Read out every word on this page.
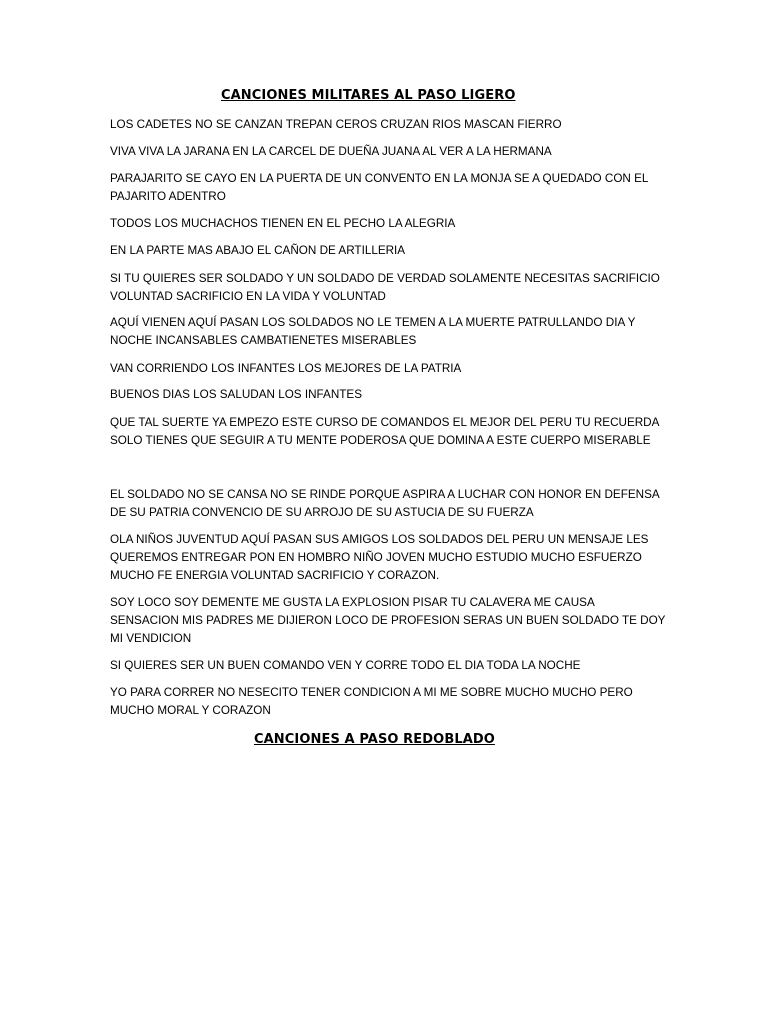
CANCIONES MILITARES AL PASO LIGERO

LOS CADETES NO SE CANZAN TREPAN CEROS CRUZAN RIOS MASCAN FIERRO

VIVA VIVA LA JARANA EN LA CARCEL DE DUEÑA JUANA AL VER A LA HERMANA

PARAJARITO SE CAYO EN LA PUERTA DE UN CONVENTO EN LA MONJA SE A QUEDADO CON EL
PAJARITO ADENTRO

TODOS LOS MUCHACHOS TIENEN EN EL PECHO LA ALEGRIA

EN LA PARTE MAS ABAJO EL CAÑON DE ARTILLERIA

SI TU QUIERES SER SOLDADO Y UN SOLDADO DE VERDAD SOLAMENTE NECESITAS SACRIFICIO
VOLUNTAD SACRIFICIO EN LA VIDA Y VOLUNTAD

AQUÍ VIENEN AQUÍ PASAN LOS SOLDADOS NO LE TEMEN A LA MUERTE PATRULLANDO DIA Y
NOCHE INCANSABLES CAMBATIENETES MISERABLES

VAN CORRIENDO LOS INFANTES LOS MEJORES DE LA PATRIA

BUENOS DIAS LOS SALUDAN LOS INFANTES

QUE TAL SUERTE YA EMPEZO ESTE CURSO DE COMANDOS EL MEJOR DEL PERU TU RECUERDA
SOLO TIENES QUE SEGUIR A TU MENTE PODEROSA QUE DOMINA A ESTE CUERPO MISERABLE

EL SOLDADO NO SE CANSA NO SE RINDE PORQUE ASPIRA A LUCHAR CON HONOR EN DEFENSA
DE SU PATRIA CONVENCIO DE SU ARROJO DE SU ASTUCIA DE SU FUERZA

OLA NIÑOS JUVENTUD AQUÍ PASAN SUS AMIGOS LOS SOLDADOS DEL PERU UN MENSAJE LES
QUEREMOS ENTREGAR PON EN HOMBRO NIÑO JOVEN MUCHO ESTUDIO MUCHO ESFUERZO
MUCHO FE ENERGIA VOLUNTAD SACRIFICIO Y CORAZON.

SOY LOCO SOY DEMENTE ME GUSTA LA EXPLOSION PISAR TU CALAVERA ME CAUSA
SENSACION MIS PADRES ME DIJIERON LOCO DE PROFESION SERAS UN BUEN SOLDADO TE DOY
MI VENDICION

SI QUIERES SER UN BUEN COMANDO VEN Y CORRE TODO EL DIA TODA LA NOCHE

YO PARA CORRER NO NESECITO TENER CONDICION A MI ME SOBRE MUCHO MUCHO PERO
MUCHO MORAL Y CORAZON

CANCIONES A PASO REDOBLADO
